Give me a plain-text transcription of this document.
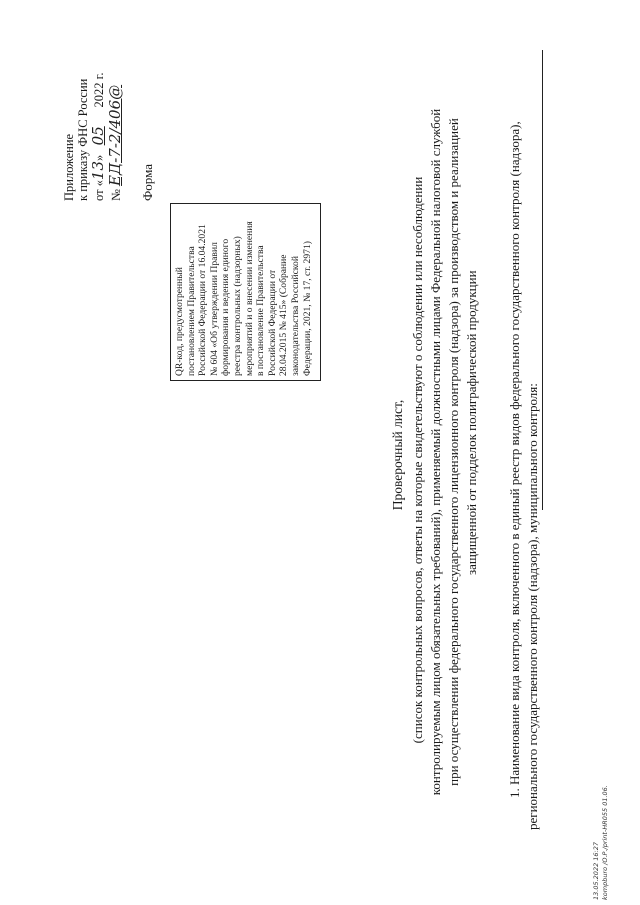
Приложение к приказу ФНС России от «13»   05      2022 г.
№ ЕД-7-2/406@ Форма
QR-код, предусмотренный постановлением Правительства Российской Федерации от 16.04.2021 № 604 «Об утверждении Правил формирования и ведения единого реестра контрольных (надзорных) мероприятий и о внесении изменения в постановление Правительства Российской Федерации от 28.04.2015 № 415» (Собрание законодательства Российской Федерации, 2021, № 17, ст. 2971)
Проверочный лист, (список контрольных вопросов, ответы на которые свидетельствуют о соблюдении или несоблюдении контролируемым лицом обязательных требований), применяемый должностными лицами Федеральной налоговой службой при осуществлении федерального государственного лицензионного контроля (надзора) за производством и реализацией защищенной от подделок полиграфической продукции 1. Наименование вида контроля, включенного в единый реестр видов федерального государственного контроля (надзора), регионального государственного контроля (надзора), муниципального контроля:
13.05.2022 16:27 kompburo /О.Р./print-HR055 01.06.
